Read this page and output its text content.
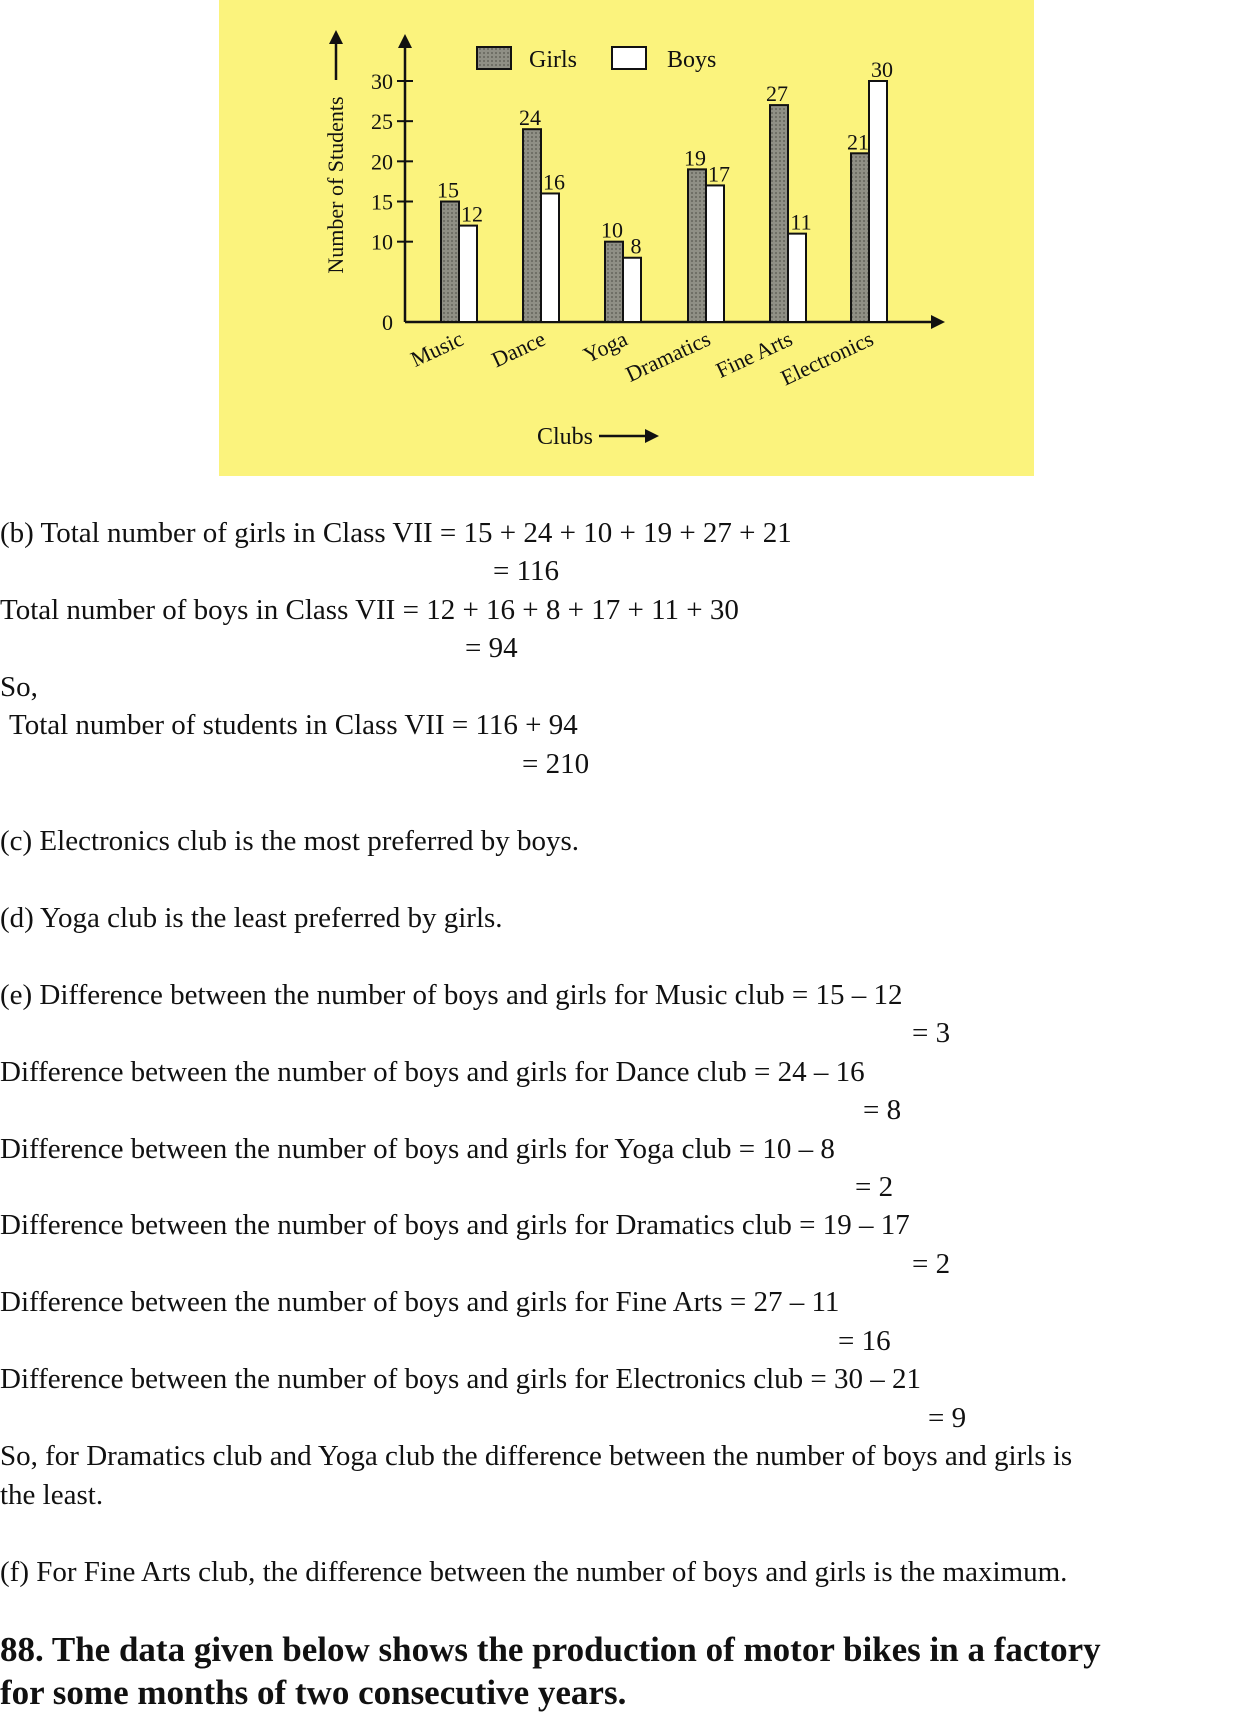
0
10
15
20
25
30
Number of Students
Girls	Boys
15
12
Music
24
16
Dance
10
8
Yoga
19
17
Dramatics
27
11
Fine Arts
21
30
Electronics
Clubs
(b) Total number of girls in Class VII = 15 + 24 + 10 + 19 + 27 + 21
= 116
Total number of boys in Class VII = 12 + 16 + 8 + 17 + 11 + 30
= 94
So,
Total number of students in Class VII = 116 + 94
= 210
(c) Electronics club is the most preferred by boys.
(d) Yoga club is the least preferred by girls.
(e) Difference between the number of boys and girls for Music club = 15 – 12
= 3
Difference between the number of boys and girls for Dance club = 24 – 16
= 8
Difference between the number of boys and girls for Yoga club = 10 – 8
= 2
Difference between the number of boys and girls for Dramatics club = 19 – 17
= 2
Difference between the number of boys and girls for Fine Arts = 27 – 11
= 16
Difference between the number of boys and girls for Electronics club = 30 – 21
= 9
So, for Dramatics club and Yoga club the difference between the number of boys and girls is
the least.
(f) For Fine Arts club, the difference between the number of boys and girls is the maximum.
88. The data given below shows the production of motor bikes in a factory
for some months of two consecutive years.
